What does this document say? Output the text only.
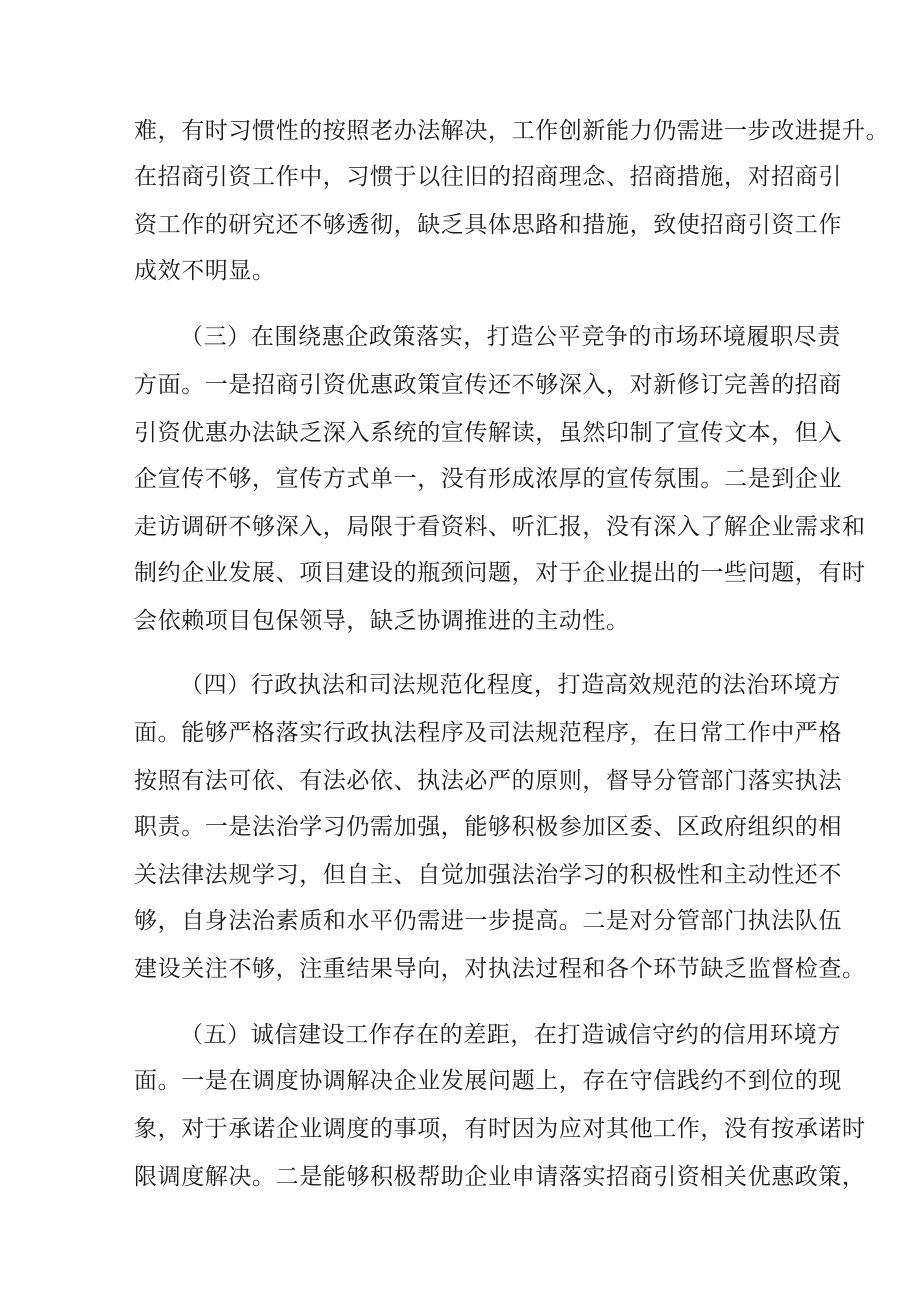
难，有时习惯性的按照老办法解决，工作创新能力仍需进一步改进提升。
在招商引资工作中，习惯于以往旧的招商理念、招商措施，对招商引
资工作的研究还不够透彻，缺乏具体思路和措施，致使招商引资工作
成效不明显。
（三）在围绕惠企政策落实，打造公平竞争的市场环境履职尽责
方面。一是招商引资优惠政策宣传还不够深入，对新修订完善的招商
引资优惠办法缺乏深入系统的宣传解读，虽然印制了宣传文本，但入
企宣传不够，宣传方式单一，没有形成浓厚的宣传氛围。二是到企业
走访调研不够深入，局限于看资料、听汇报，没有深入了解企业需求和
制约企业发展、项目建设的瓶颈问题，对于企业提出的一些问题，有时
会依赖项目包保领导，缺乏协调推进的主动性。
（四）行政执法和司法规范化程度，打造高效规范的法治环境方
面。能够严格落实行政执法程序及司法规范程序，在日常工作中严格
按照有法可依、有法必依、执法必严的原则，督导分管部门落实执法
职责。一是法治学习仍需加强，能够积极参加区委、区政府组织的相
关法律法规学习，但自主、自觉加强法治学习的积极性和主动性还不
够，自身法治素质和水平仍需进一步提高。二是对分管部门执法队伍
建设关注不够，注重结果导向，对执法过程和各个环节缺乏监督检查。
（五）诚信建设工作存在的差距，在打造诚信守约的信用环境方
面。一是在调度协调解决企业发展问题上，存在守信践约不到位的现
象，对于承诺企业调度的事项，有时因为应对其他工作，没有按承诺时
限调度解决。二是能够积极帮助企业申请落实招商引资相关优惠政策，
